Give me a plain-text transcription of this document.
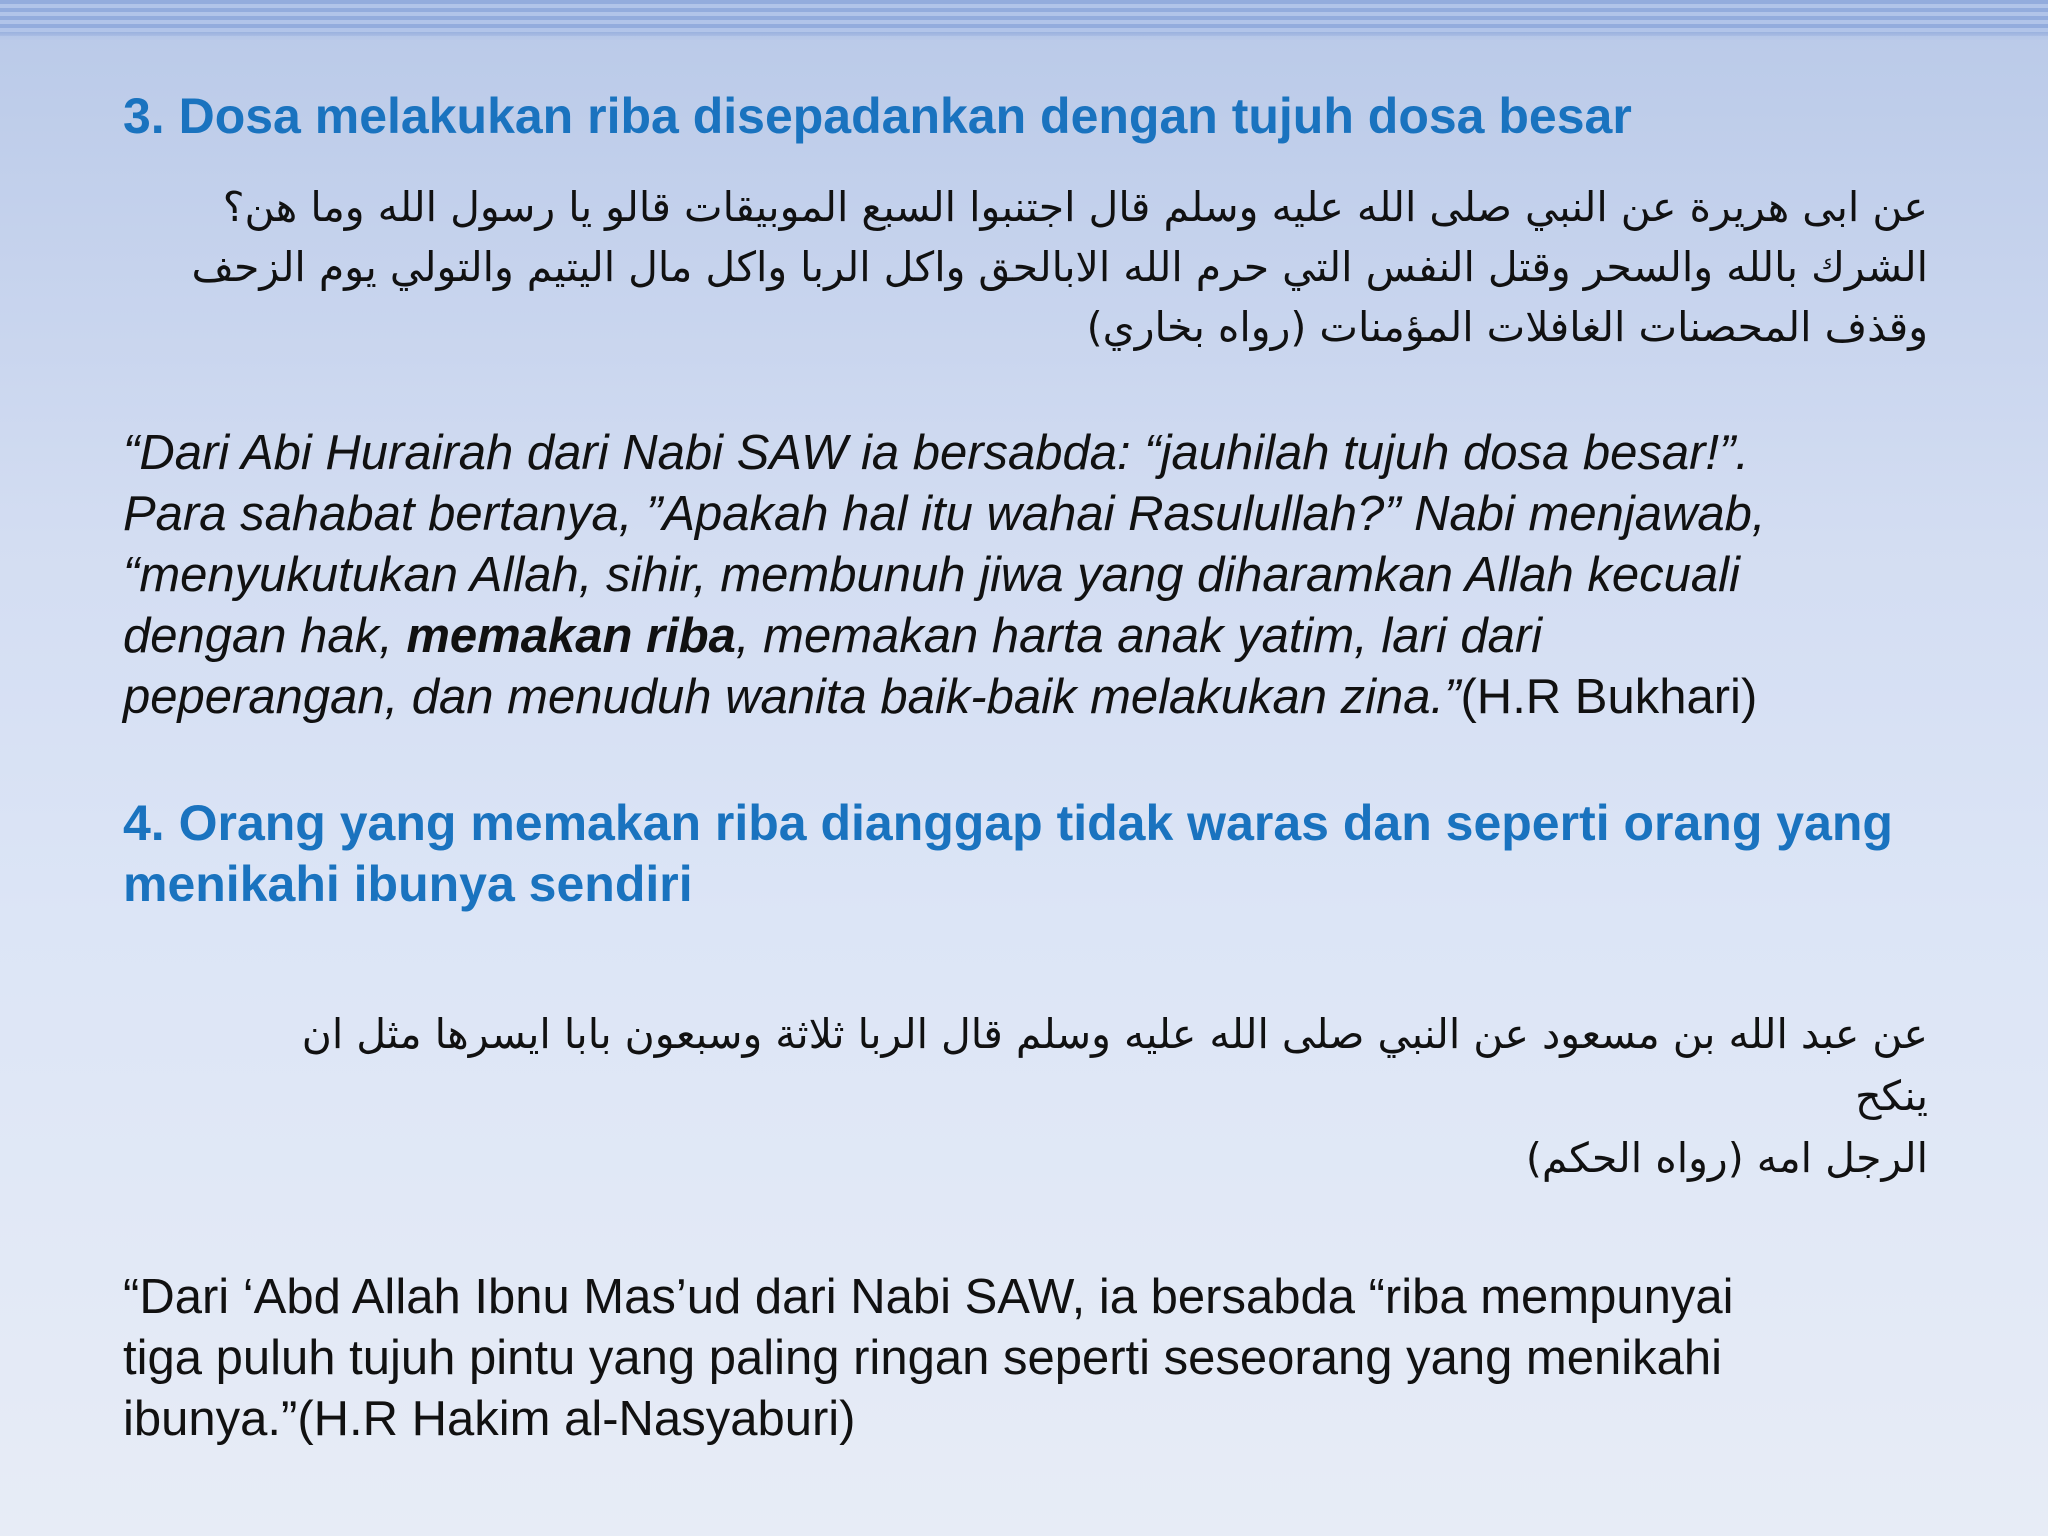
3. Dosa melakukan riba disepadankan dengan tujuh dosa besar

عن ابى هريرة عن النبي صلى الله عليه وسلم قال اجتنبوا السبع الموبيقات قالو يا رسول الله وما هن؟
الشرك بالله والسحر وقتل النفس التي حرم الله الابالحق واكل الربا واكل مال اليتيم والتولي يوم الزحف
وقذف المحصنات الغافلات المؤمنات (رواه بخاري)
“Dari Abi Hurairah dari Nabi SAW ia bersabda: “jauhilah tujuh dosa besar!”.
Para sahabat bertanya, ”Apakah hal itu wahai Rasulullah?” Nabi menjawab,
“menyukutukan Allah, sihir, membunuh jiwa yang diharamkan Allah kecuali
dengan hak, memakan riba, memakan harta anak yatim, lari dari
peperangan, dan menuduh wanita baik-baik melakukan zina.”(H.R Bukhari)
4. Orang yang memakan riba dianggap tidak waras dan seperti orang yang
menikahi ibunya sendiri
عن عبد الله بن مسعود عن النبي صلى الله عليه وسلم قال الربا ثلاثة وسبعون بابا ايسرها مثل ان
ينكح
الرجل امه (رواه الحكم)
“Dari ‘Abd Allah Ibnu Mas’ud dari Nabi SAW, ia bersabda “riba mempunyai
tiga puluh tujuh pintu yang paling ringan seperti seseorang yang menikahi
ibunya.”(H.R Hakim al-Nasyaburi)
